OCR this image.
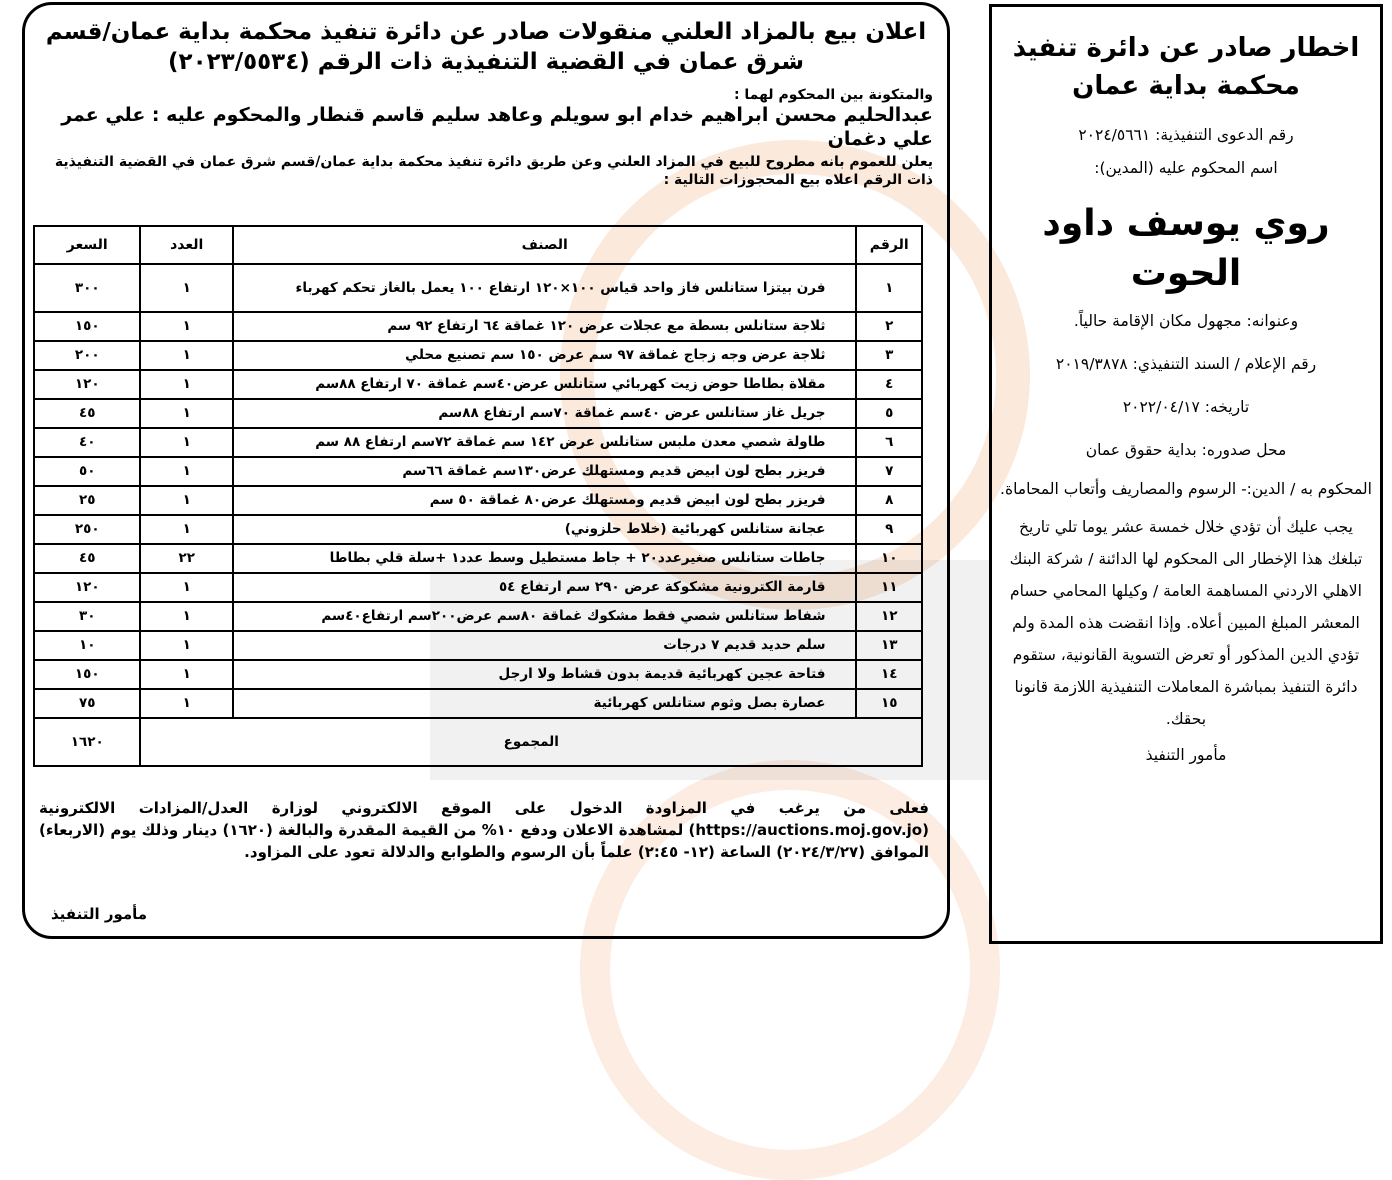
اعلان بيع بالمزاد العلني منقولات صادر عن دائرة تنفيذ محكمة بداية عمان/قسم شرق عمان في القضية التنفيذية ذات الرقم (٢٠٢٣/٥٥٣٤)
والمتكونة بين المحكوم لهما :
عبدالحليم محسن ابراهيم خدام ابو سويلم وعاهد سليم قاسم قنطار والمحكوم عليه : علي عمر علي دغمان
يعلن للعموم بانه مطروح للبيع في المزاد العلني وعن طريق دائرة تنفيذ محكمة بداية عمان/قسم شرق عمان في القضية التنفيذية ذات الرقم اعلاه بيع المحجوزات التالية :
الرقم	الصنف	العدد	السعر
١	فرن بيتزا ستانلس فاز واحد قياس ١٠٠×١٢٠ ارتفاع ١٠٠ يعمل بالغاز تحكم كهرباء	١	٣٠٠
٢	ثلاجة ستانلس بسطة مع عجلات عرض ١٢٠ غماقة ٦٤ ارتفاع ٩٢ سم	١	١٥٠
٣	ثلاجة عرض وجه زجاج غماقة ٩٧ سم عرض ١٥٠ سم تصنيع محلي	١	٢٠٠
٤	مقلاة بطاطا حوض زيت كهربائي ستانلس عرض٤٠سم غماقة ٧٠ ارتفاع ٨٨سم	١	١٢٠
٥	جريل غاز ستانلس عرض ٤٠سم غماقة ٧٠سم ارتفاع ٨٨سم	١	٤٥
٦	طاولة شصي معدن ملبس ستانلس عرض ١٤٢ سم غماقة ٧٢سم ارتفاع ٨٨ سم	١	٤٠
٧	فريزر بطح لون ابيض قديم ومستهلك عرض١٣٠سم غماقة ٦٦سم	١	٥٠
٨	فريزر بطح لون ابيض قديم ومستهلك عرض٨٠ غماقة ٥٠ سم	١	٢٥
٩	عجانة ستانلس كهربائية (خلاط حلزوني)	١	٢٥٠
١٠	جاطات ستانلس صغيرعدد٢٠ + جاط مستطيل وسط عدد١ +سلة قلي بطاطا	٢٢	٤٥
١١	قارمة الكترونية مشكوكة عرض ٢٩٠ سم ارتفاع ٥٤	١	١٢٠
١٢	شفاط ستانلس شصي فقط مشكوك غماقة ٨٠سم عرض٢٠٠سم ارتفاع٤٠سم	١	٣٠
١٣	سلم حديد قديم ٧ درجات	١	١٠
١٤	فتاحة عجين كهربائية قديمة بدون قشاط ولا ارجل	١	١٥٠
١٥	عصارة بصل وثوم ستانلس كهربائية	١	٧٥
المجموع			١٦٢٠
فعلى من يرغب في المزاودة الدخول على الموقع الالكتروني لوزارة العدل/المزادات الالكترونية (https://auctions.moj.gov.jo) لمشاهدة الاعلان ودفع ١٠% من القيمة المقدرة والبالغة (١٦٢٠) دينار وذلك يوم (الاربعاء) الموافق (٢٠٢٤/٣/٢٧) الساعة (١٢- ٢:٤٥) علماً بأن الرسوم والطوابع والدلالة تعود على المزاود.
مأمور التنفيذ
اخطار صادر عن دائرة تنفيذ
محكمة بداية عمان
رقم الدعوى التنفيذية: ٢٠٢٤/٥٦٦١
اسم المحكوم عليه (المدين):
روي يوسف داود الحوت
وعنوانه: مجهول مكان الإقامة حالياً.
رقم الإعلام / السند التنفيذي: ٢٠١٩/٣٨٧٨
تاريخه: ٢٠٢٢/٠٤/١٧
محل صدوره: بداية حقوق عمان
المحكوم به / الدين:- الرسوم والمصاريف وأتعاب المحاماة.
يجب عليك أن تؤدي خلال خمسة عشر يوما تلي تاريخ تبلغك هذا الإخطار الى المحكوم لها الدائنة / شركة البنك الاهلي الاردني المساهمة العامة / وكيلها المحامي حسام المعشر المبلغ المبين أعلاه. وإذا انقضت هذه المدة ولم تؤدي الدين المذكور أو تعرض التسوية القانونية، ستقوم دائرة التنفيذ بمباشرة المعاملات التنفيذية اللازمة قانونا بحقك.
مأمور التنفيذ
